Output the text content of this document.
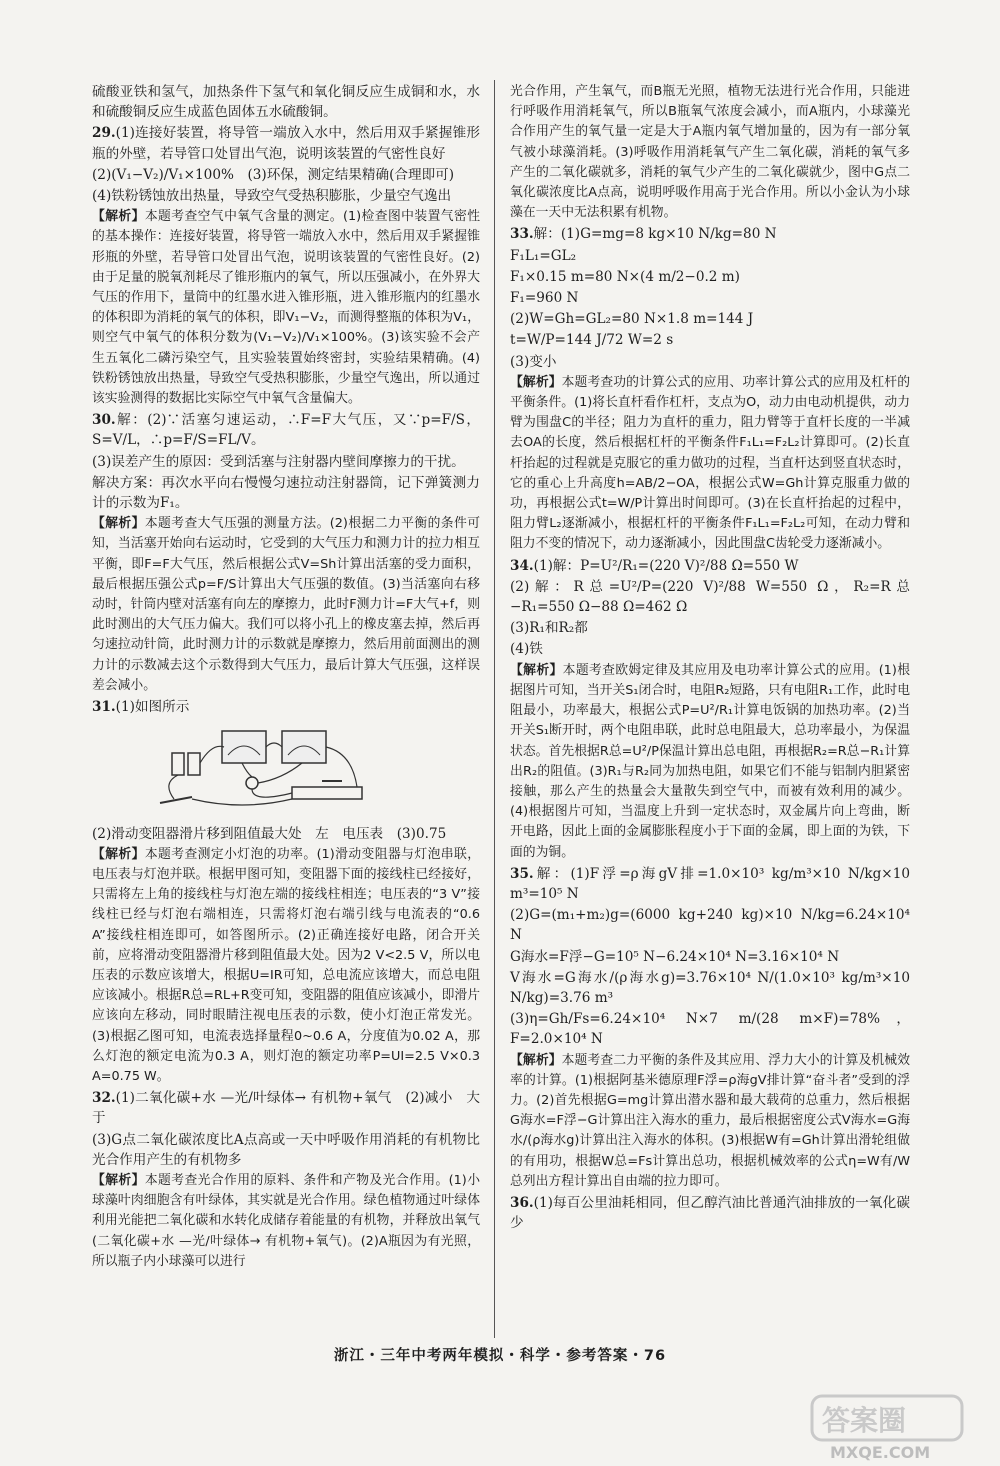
硫酸亚铁和氢气，加热条件下氢气和氧化铜反应生成铜和水，水和硫酸铜反应生成蓝色固体五水硫酸铜。
29.(1)连接好装置，将导管一端放入水中，然后用双手紧握锥形瓶的外壁，若导管口处冒出气泡，说明该装置的气密性良好
(2)(V₁−V₂)/V₁×100%　(3)环保，测定结果精确(合理即可)
(4)铁粉锈蚀放出热量，导致空气受热积膨胀，少量空气逸出
【解析】本题考查空气中氧气含量的测定。(1)检查图中装置气密性的基本操作：连接好装置，将导管一端放入水中，然后用双手紧握锥形瓶的外壁，若导管口处冒出气泡，说明该装置的气密性良好。(2)由于足量的脱氧剂耗尽了锥形瓶内的氧气，所以压强减小，在外界大气压的作用下，量筒中的红墨水进入锥形瓶，进入锥形瓶内的红墨水的体积即为消耗的氧气的体积，即V₁−V₂，而测得整瓶的体积为V₁，则空气中氧气的体积分数为(V₁−V₂)/V₁×100%。(3)该实验不会产生五氧化二磷污染空气，且实验装置始终密封，实验结果精确。(4)铁粉锈蚀放出热量，导致空气受热积膨胀，少量空气逸出，所以通过该实验测得的数据比实际空气中氧气含量偏大。
30.解：(2)∵活塞匀速运动，∴F=F大气压，又∵p=F/S，S=V/L，∴p=F/S=FL/V。
(3)误差产生的原因：受到活塞与注射器内壁间摩擦力的干扰。
解决方案：再次水平向右慢慢匀速拉动注射器筒，记下弹簧测力计的示数为F₁。
【解析】本题考查大气压强的测量方法。(2)根据二力平衡的条件可知，当活塞开始向右运动时，它受到的大气压力和测力计的拉力相互平衡，即F=F大气压，然后根据公式V=Sh计算出活塞的受力面积，最后根据压强公式p=F/S计算出大气压强的数值。(3)当活塞向右移动时，针筒内壁对活塞有向左的摩擦力，此时F测力计=F大气+f，则此时测出的大气压力偏大。我们可以将小孔上的橡皮塞去掉，然后再匀速拉动针筒，此时测力计的示数就是摩擦力，然后用前面测出的测力计的示数减去这个示数得到大气压力，最后计算大气压强，这样误差会减小。
31.(1)如图所示
(2)滑动变阻器滑片移到阻值最大处　左　电压表　(3)0.75
【解析】本题考查测定小灯泡的功率。(1)滑动变阻器与灯泡串联，电压表与灯泡并联。根据甲图可知，变阻器下面的接线柱已经接好，只需将左上角的接线柱与灯泡左端的接线柱相连；电压表的“3 V”接线柱已经与灯泡右端相连，只需将灯泡右端引线与电流表的“0.6 A”接线柱相连即可，如答图所示。(2)正确连接好电路，闭合开关前，应将滑动变阻器滑片移到阻值最大处。因为2 V<2.5 V，所以电压表的示数应该增大，根据U=IR可知，总电流应该增大，而总电阻应该减小。根据R总=RL+R变可知，变阻器的阻值应该减小，即滑片应该向左移动，同时眼睛注视电压表的示数，使小灯泡正常发光。(3)根据乙图可知，电流表选择量程0~0.6 A，分度值为0.02 A，那么灯泡的额定电流为0.3 A，则灯泡的额定功率P=UI=2.5 V×0.3 A=0.75 W。
32.(1)二氧化碳+水 —光/叶绿体→ 有机物+氧气　(2)减小　大于
(3)G点二氧化碳浓度比A点高或一天中呼吸作用消耗的有机物比光合作用产生的有机物多
【解析】本题考查光合作用的原料、条件和产物及光合作用。(1)小球藻叶肉细胞含有叶绿体，其实就是光合作用。绿色植物通过叶绿体利用光能把二氧化碳和水转化成储存着能量的有机物，并释放出氧气(二氧化碳+水 —光/叶绿体→ 有机物+氧气)。(2)A瓶因为有光照，所以瓶子内小球藻可以进行
光合作用，产生氧气，而B瓶无光照，植物无法进行光合作用，只能进行呼吸作用消耗氧气，所以B瓶氧气浓度会减小，而A瓶内，小球藻光合作用产生的氧气量一定是大于A瓶内氧气增加量的，因为有一部分氧气被小球藻消耗。(3)呼吸作用消耗氧气产生二氧化碳，消耗的氧气多产生的二氧化碳就多，消耗的氧气少产生的二氧化碳就少，图中G点二氧化碳浓度比A点高，说明呼吸作用高于光合作用。所以小金认为小球藻在一天中无法积累有机物。
33.解：(1)G=mg=8 kg×10 N/kg=80 N
F₁L₁=GL₂
F₁×0.15 m=80 N×(4 m/2−0.2 m)
F₁=960 N
(2)W=Gh=GL₂=80 N×1.8 m=144 J
t=W/P=144 J/72 W=2 s
(3)变小
【解析】本题考查功的计算公式的应用、功率计算公式的应用及杠杆的平衡条件。(1)将长直杆看作杠杆，支点为O，动力由电动机提供，动力臂为围盘C的半径；阻力为直杆的重力，阻力臂等于直杆长度的一半减去OA的长度，然后根据杠杆的平衡条件F₁L₁=F₂L₂计算即可。(2)长直杆抬起的过程就是克服它的重力做功的过程，当直杆达到竖直状态时，它的重心上升高度h=AB/2−OA，根据公式W=Gh计算克服重力做的功，再根据公式t=W/P计算出时间即可。(3)在长直杆抬起的过程中，阻力臂L₂逐渐减小，根据杠杆的平衡条件F₁L₁=F₂L₂可知，在动力臂和阻力不变的情况下，动力逐渐减小，因此围盘C齿轮受力逐渐减小。
34.(1)解：P=U²/R₁=(220 V)²/88 Ω=550 W
(2)解：R总=U²/P=(220 V)²/88 W=550 Ω，R₂=R总−R₁=550 Ω−88 Ω=462 Ω
(3)R₁和R₂都
(4)铁
【解析】本题考查欧姆定律及其应用及电功率计算公式的应用。(1)根据图片可知，当开关S₁闭合时，电阻R₂短路，只有电阻R₁工作，此时电阻最小，功率最大，根据公式P=U²/R₁计算电饭锅的加热功率。(2)当开关S₁断开时，两个电阻串联，此时总电阻最大，总功率最小，为保温状态。首先根据R总=U²/P保温计算出总电阻，再根据R₂=R总−R₁计算出R₂的阻值。(3)R₁与R₂同为加热电阻，如果它们不能与铝制内胆紧密接触，那么产生的热量会大量散失到空气中，而被有效利用的减少。(4)根据图片可知，当温度上升到一定状态时，双金属片向上弯曲，断开电路，因此上面的金属膨胀程度小于下面的金属，即上面的为铁，下面的为铜。
35.解：(1)F浮=ρ海gV排=1.0×10³ kg/m³×10 N/kg×10 m³=10⁵ N
(2)G=(m₁+m₂)g=(6000 kg+240 kg)×10 N/kg=6.24×10⁴ N
G海水=F浮−G=10⁵ N−6.24×10⁴ N=3.16×10⁴ N
V海水=G海水/(ρ海水g)=3.76×10⁴ N/(1.0×10³ kg/m³×10 N/kg)=3.76 m³
(3)η=Gh/Fs=6.24×10⁴ N×7 m/(28 m×F)=78%，F=2.0×10⁴ N
【解析】本题考查二力平衡的条件及其应用、浮力大小的计算及机械效率的计算。(1)根据阿基米德原理F浮=ρ海gV排计算“奋斗者”受到的浮力。(2)首先根据G=mg计算出潜水器和最大载荷的总重力，然后根据G海水=F浮−G计算出注入海水的重力，最后根据密度公式V海水=G海水/(ρ海水g)计算出注入海水的体积。(3)根据W有=Gh计算出滑轮组做的有用功，根据W总=Fs计算出总功，根据机械效率的公式η=W有/W总列出方程计算出自由端的拉力即可。
36.(1)每百公里油耗相同，但乙醇汽油比普通汽油排放的一氧化碳少
浙江・三年中考两年模拟・科学・参考答案・76
答案圈
MXQE.COM
